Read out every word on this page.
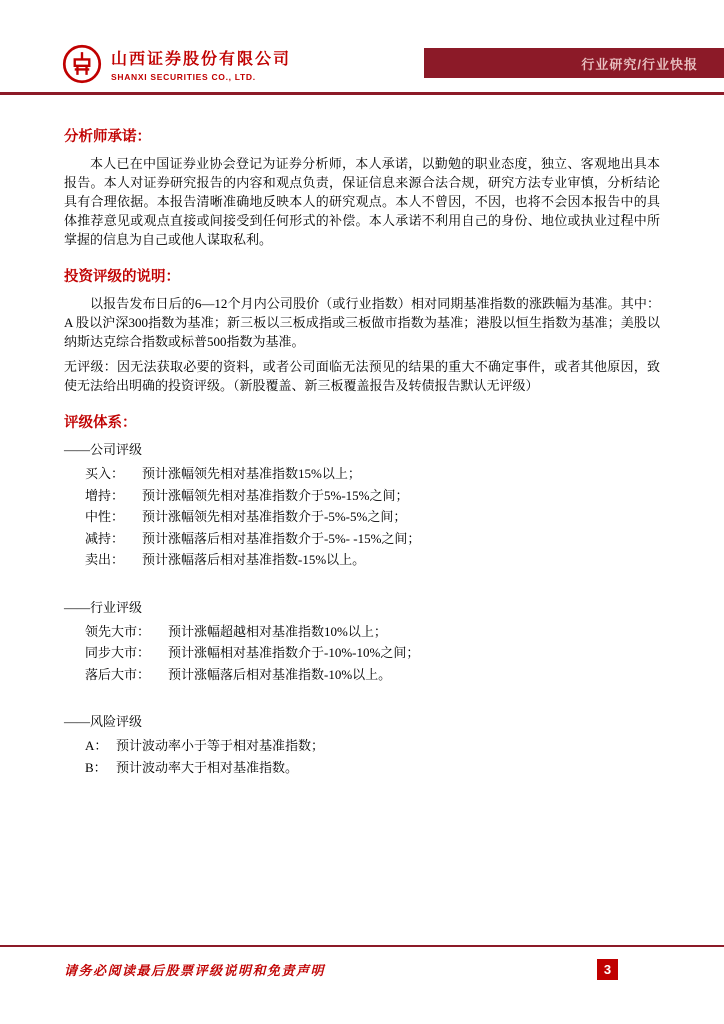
山西证券股份有限公司
SHANXI SECURITIES CO., LTD.
行业研究/行业快报
分析师承诺：

本人已在中国证券业协会登记为证券分析师，本人承诺，以勤勉的职业态度，独立、客观地出具本报告。本人对证券研究报告的内容和观点负责，保证信息来源合法合规，研究方法专业审慎，分析结论具有合理依据。本报告清晰准确地反映本人的研究观点。本人不曾因，不因，也将不会因本报告中的具体推荐意见或观点直接或间接受到任何形式的补偿。本人承诺不利用自己的身份、地位或执业过程中所掌握的信息为自己或他人谋取私利。

投资评级的说明：

以报告发布日后的6—12个月内公司股价（或行业指数）相对同期基准指数的涨跌幅为基准。其中：A 股以沪深300指数为基准；新三板以三板成指或三板做市指数为基准；港股以恒生指数为基准；美股以纳斯达克综合指数或标普500指数为基准。

无评级：因无法获取必要的资料，或者公司面临无法预见的结果的重大不确定事件，或者其他原因，致使无法给出明确的投资评级。（新股覆盖、新三板覆盖报告及转债报告默认无评级）

评级体系：
——公司评级
买入：	预计涨幅领先相对基准指数15%以上；
增持：	预计涨幅领先相对基准指数介于5%-15%之间；
中性：	预计涨幅领先相对基准指数介于-5%-5%之间；
减持：	预计涨幅落后相对基准指数介于-5%- -15%之间；
卖出：	预计涨幅落后相对基准指数-15%以上。
——行业评级
领先大市：	预计涨幅超越相对基准指数10%以上；
同步大市：	预计涨幅相对基准指数介于-10%-10%之间；
落后大市：	预计涨幅落后相对基准指数-10%以上。
——风险评级
A： 预计波动率小于等于相对基准指数；
B： 预计波动率大于相对基准指数。
请务必阅读最后股票评级说明和免责声明	3
